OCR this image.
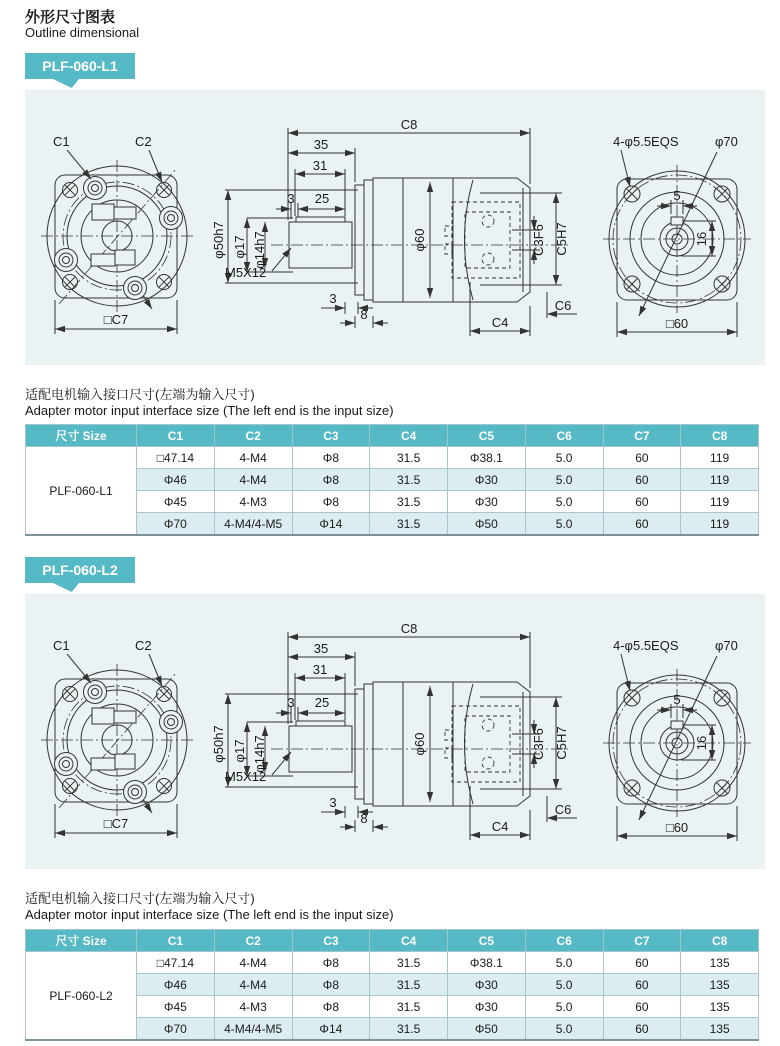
外形尺寸图表
Outline dimensional
PLF-060-L1
C1	C2
□C7
C8
35
31
3 25
φ50h7 φ17 φ14h7
M5X12
φ60	C3F6 C5H7
C6
C4
3
8
4-φ5.5EQS	φ70
5
16
□60
适配电机输入接口尺寸(左端为输入尺寸)
Adapter motor input interface size (The left end is the input size)
尺寸 Size	C1	C2	C3	C4	C5	C6	C7	C8
PLF-060-L1	□47.14	4-M4	Φ8	31.5	Φ38.1	5.0	60	119
	Φ46	4-M4	Φ8	31.5	Φ30	5.0	60	119
	Φ45	4-M3	Φ8	31.5	Φ30	5.0	60	119
	Φ70	4-M4/4-M5	Φ14	31.5	Φ50	5.0	60	119
PLF-060-L2
C1	C2
□C7
C8
35
31
3 25
φ50h7 φ17 φ14h7
M5X12
φ60	C3F6 C5H7
C6
C4
3
8
4-φ5.5EQS	φ70
5
16
□60
适配电机输入接口尺寸(左端为输入尺寸)
Adapter motor input interface size (The left end is the input size)
尺寸 Size	C1	C2	C3	C4	C5	C6	C7	C8
PLF-060-L2	□47.14	4-M4	Φ8	31.5	Φ38.1	5.0	60	135
	Φ46	4-M4	Φ8	31.5	Φ30	5.0	60	135
	Φ45	4-M3	Φ8	31.5	Φ30	5.0	60	135
	Φ70	4-M4/4-M5	Φ14	31.5	Φ50	5.0	60	135
